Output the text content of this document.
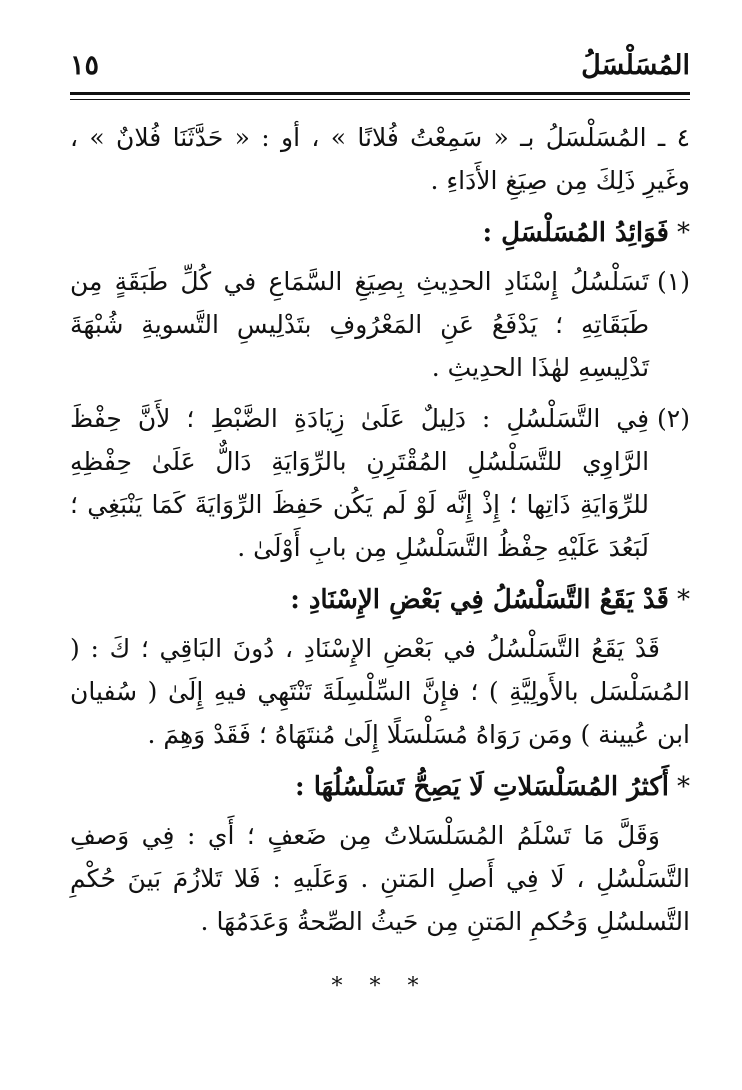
المُسَلْسَلُ
١٥

٤ ـ المُسَلْسَلُ بـ « سَمِعْتُ فُلانًا » ، أو : « حَدَّثَنَا فُلانٌ » ، وغَيرِ ذَلِكَ مِن صِيَغِ الأَدَاءِ .

*فَوَائِدُ المُسَلْسَلِ :
(١)
تَسَلْسُلُ إِسْنَادِ الحدِيثِ بِصِيَغِ السَّمَاعِ في كُلِّ طَبَقَةٍ مِن طَبَقَاتِهِ ؛ يَدْفَعُ عَنِ المَعْرُوفِ بتَدْلِيسِ التَّسويةِ شُبْهَةَ تَدْلِيسِهِ لهٰذَا الحدِيثِ .
(٢)
فِي التَّسَلْسُلِ : دَلِيلٌ عَلَىٰ زِيَادَةِ الضَّبْطِ ؛ لأَنَّ حِفْظَ الرَّاوِي للتَّسَلْسُلِ المُقْتَرِنِ بالرِّوَايَةِ دَالٌّ عَلَىٰ حِفْظِهِ للرِّوَايَةِ ذَاتِها ؛ إِذْ إِنَّه لَوْ لَم يَكُن حَفِظَ الرِّوَايَةَ كَمَا يَنْبَغِي ؛ لَبَعُدَ عَلَيْهِ حِفْظُ التَّسَلْسُلِ مِن بابِ أَوْلَىٰ .
*قَدْ يَقَعُ التَّسَلْسُلُ فِي بَعْضِ الإِسْنَادِ :

قَدْ يَقَعُ التَّسَلْسُلُ في بَعْضِ الإِسْنَادِ ، دُونَ البَاقِي ؛ كَ : ( المُسَلْسَل بالأَولِيَّةِ ) ؛ فإِنَّ السِّلْسِلَةَ تَنْتَهِي فيهِ إِلَىٰ ( سُفيان ابن عُيينة ) ومَن رَوَاهُ مُسَلْسَلًا إِلَىٰ مُنتَهَاهُ ؛ فَقَدْ وَهِمَ .

*أَكثرُ المُسَلْسَلاتِ لَا يَصِحُّ تَسَلْسُلُهَا :

وَقَلَّ مَا تَسْلَمُ المُسَلْسَلاتُ مِن ضَعفٍ ؛ أَي : فِي وَصفِ التَّسَلْسُلِ ، لَا فِي أَصلِ المَتنِ . وَعَلَيهِ : فَلا تَلازُمَ بَينَ حُكْمِ التَّسلسُلِ وَحُكمِ المَتنِ مِن حَيثُ الصِّحةُ وَعَدَمُهَا .

* * *
